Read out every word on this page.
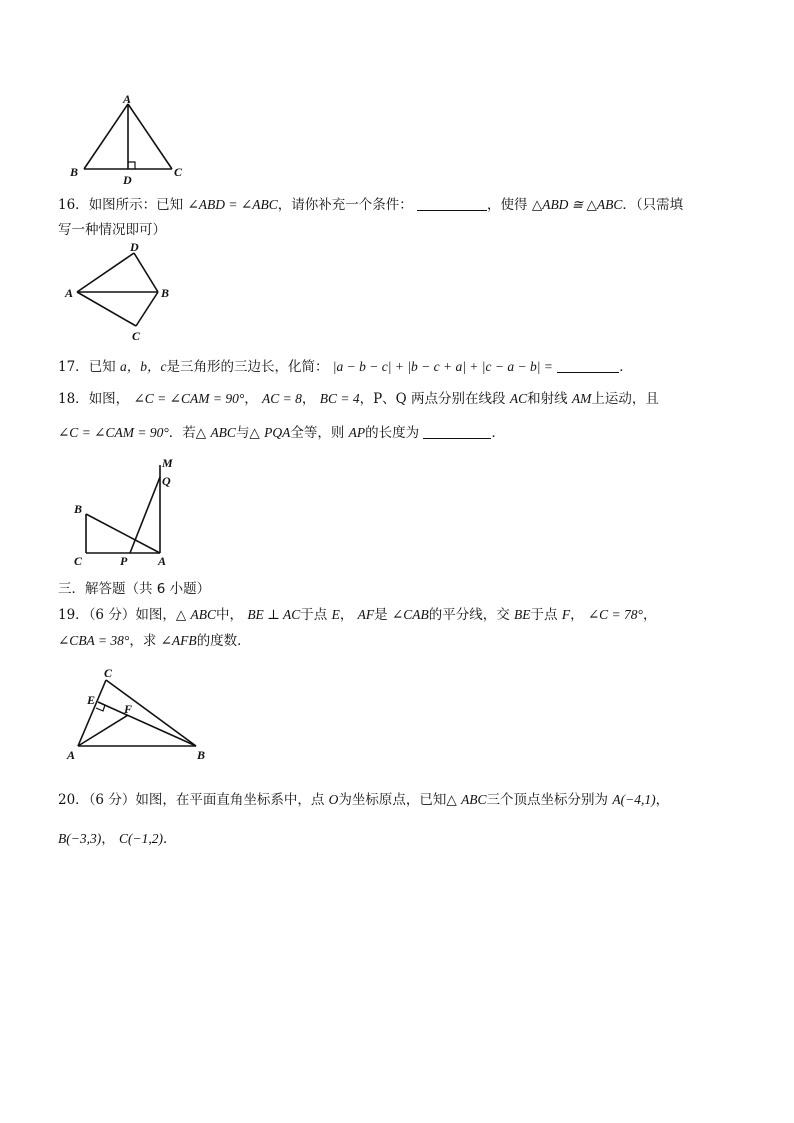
A
B	C
D
16．如图所示：已知 ∠ABD = ∠ABC，请你补充一个条件：	，使得 △ABD ≅ △ABC．（只需填
写一种情况即可）
D
A	B
C
17．已知 a，b，c是三角形的三边长，化简： |a − b − c| + |b − c + a| + |c − a − b| =	．
18．如图， ∠C = ∠CAM = 90°， AC = 8， BC = 4，P、Q 两点分别在线段 AC和射线 AM上运动，且
∠C = ∠CAM = 90°．若△ ABC与△ PQA全等，则 AP的长度为	．
M
Q
B
C	P	A
三．解答题（共 6 小题）
19．（6 分）如图，△ ABC中， BE ⊥ AC于点 E， AF是 ∠CAB的平分线，交 BE于点 F， ∠C = 78°，
∠CBA = 38°，求 ∠AFB的度数．
C
E
F
A	B
20．（6 分）如图，在平面直角坐标系中，点 O为坐标原点，已知△ ABC三个顶点坐标分别为 A(−4,1)，
B(−3,3)， C(−1,2)．
